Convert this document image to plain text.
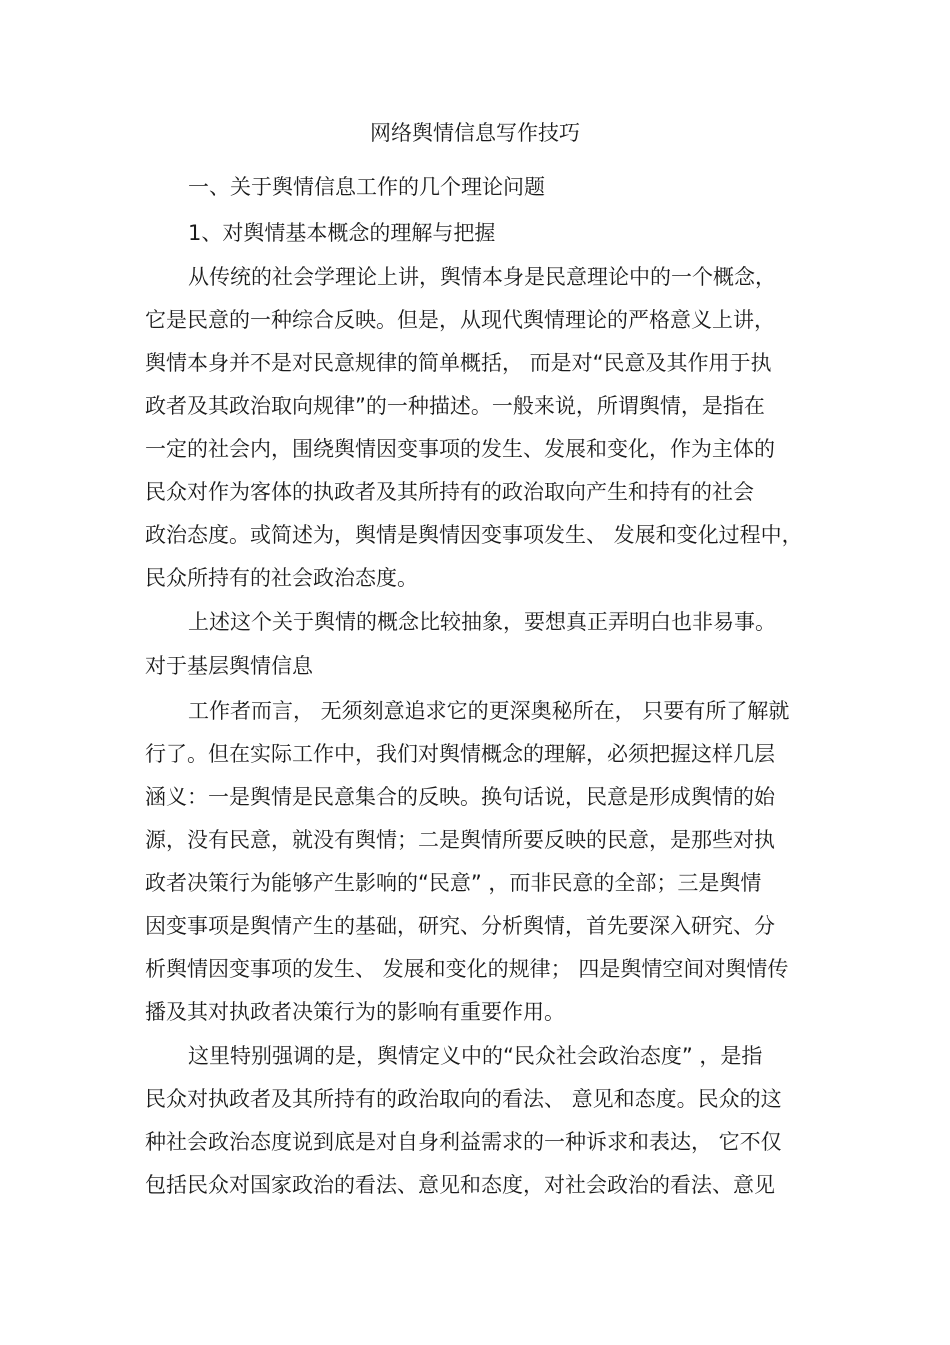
网络舆情信息写作技巧
一、关于舆情信息工作的几个理论问题
1、对舆情基本概念的理解与把握
从传统的社会学理论上讲，舆情本身是民意理论中的一个概念，
它是民意的一种综合反映。但是，从现代舆情理论的严格意义上讲，
舆情本身并不是对民意规律的简单概括， 而是对“民意及其作用于执
政者及其政治取向规律”的一种描述。一般来说，所谓舆情，是指在
一定的社会内，围绕舆情因变事项的发生、发展和变化，作为主体的
民众对作为客体的执政者及其所持有的政治取向产生和持有的社会
政治态度。或简述为，舆情是舆情因变事项发生、 发展和变化过程中，
民众所持有的社会政治态度。
上述这个关于舆情的概念比较抽象，要想真正弄明白也非易事。
对于基层舆情信息
工作者而言， 无须刻意追求它的更深奥秘所在， 只要有所了解就
行了。但在实际工作中，我们对舆情概念的理解，必须把握这样几层
涵义：一是舆情是民意集合的反映。换句话说，民意是形成舆情的始
源，没有民意，就没有舆情；二是舆情所要反映的民意，是那些对执
政者决策行为能够产生影响的“民意” ，而非民意的全部；三是舆情
因变事项是舆情产生的基础，研究、分析舆情，首先要深入研究、分
析舆情因变事项的发生、 发展和变化的规律； 四是舆情空间对舆情传
播及其对执政者决策行为的影响有重要作用。
这里特别强调的是，舆情定义中的“民众社会政治态度” ，是指
民众对执政者及其所持有的政治取向的看法、 意见和态度。民众的这
种社会政治态度说到底是对自身利益需求的一种诉求和表达， 它不仅
包括民众对国家政治的看法、意见和态度，对社会政治的看法、意见
